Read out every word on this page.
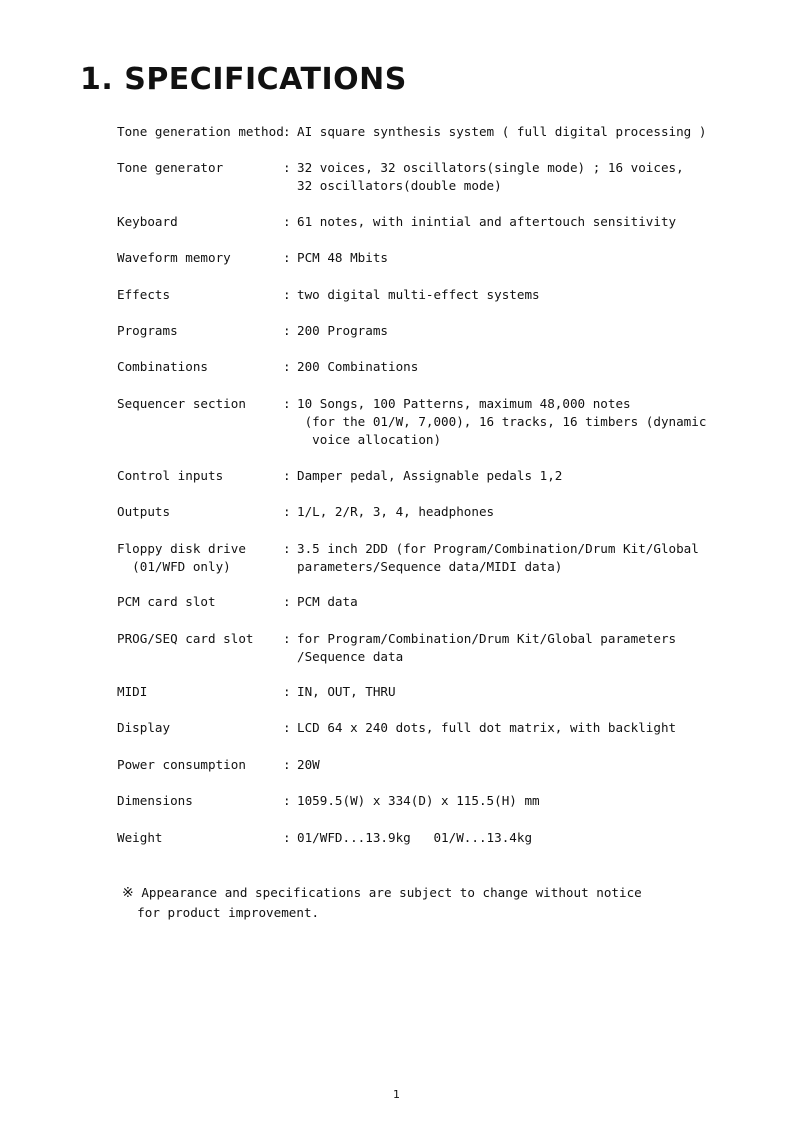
1. SPECIFICATIONS
Tone generation method : AI square synthesis system ( full digital processing )
Tone generator	: 32 voices, 32 oscillators(single mode) ; 16 voices,
32 oscillators(double mode)
Keyboard	: 61 notes, with inintial and aftertouch sensitivity
Waveform memory	: PCM 48 Mbits
Effects	: two digital multi-effect systems
Programs	: 200 Programs
Combinations	: 200 Combinations
Sequencer section	: 10 Songs, 100 Patterns, maximum 48,000 notes
(for the 01/W, 7,000), 16 tracks, 16 timbers (dynamic
voice allocation)
Control inputs	: Damper pedal, Assignable pedals 1,2
Outputs	: 1/L, 2/R, 3, 4, headphones
Floppy disk drive
(01/WFD only)
: 3.5 inch 2DD (for Program/Combination/Drum Kit/Global
parameters/Sequence data/MIDI data)
PCM card slot	: PCM data
PROG/SEQ card slot	: for Program/Combination/Drum Kit/Global parameters
/Sequence data
MIDI	: IN, OUT, THRU
Display	: LCD 64 x 240 dots, full dot matrix, with backlight
Power consumption	: 20W
Dimensions	: 1059.5(W) x 334(D) x 115.5(H) mm
Weight	: 01/WFD...13.9kg   01/W...13.4kg
※ Appearance and specifications are subject to change without notice
for product improvement.
1
